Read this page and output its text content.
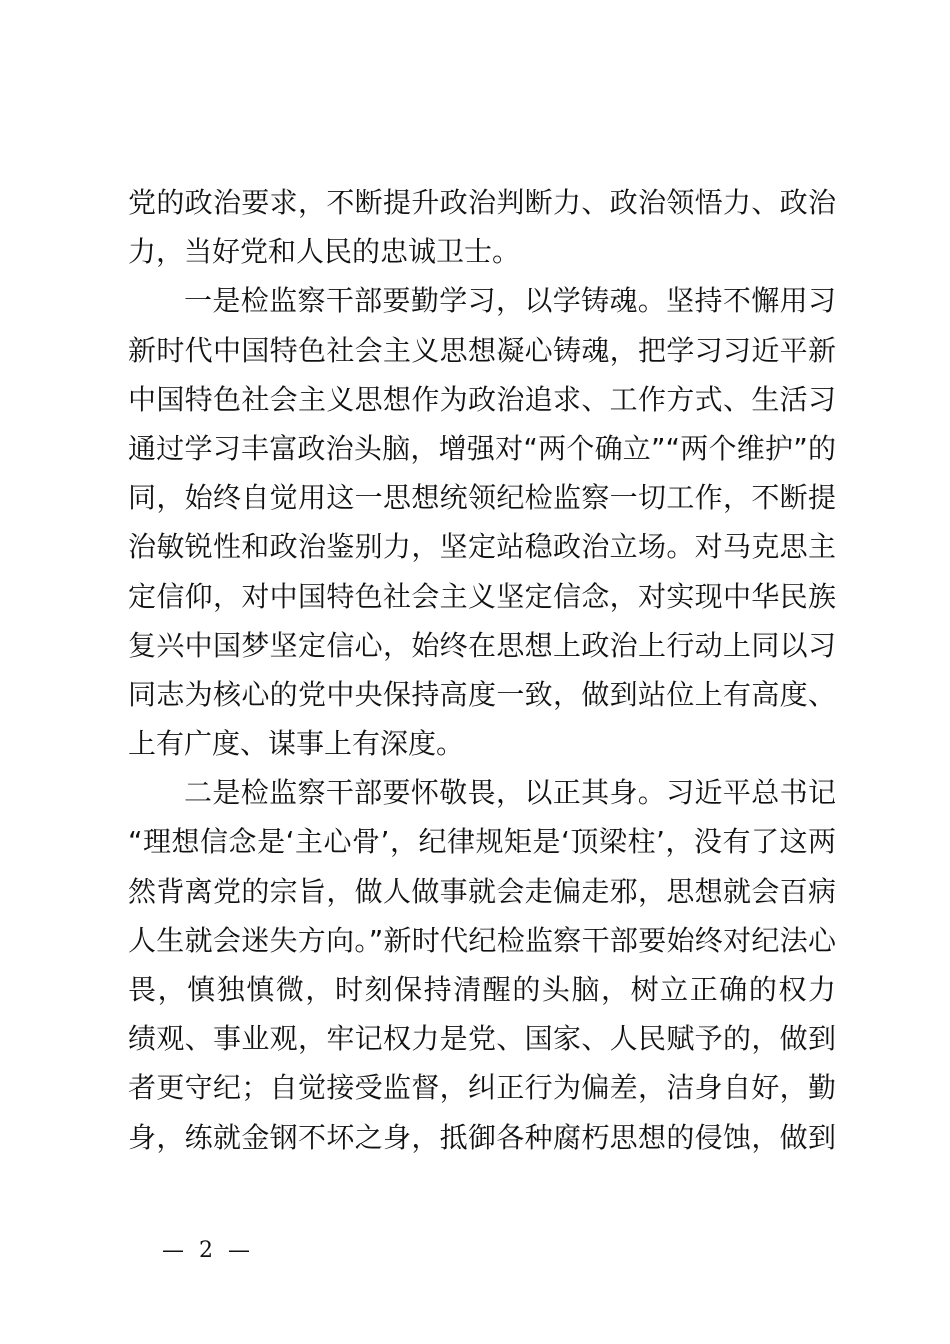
党的政治要求，不断提升政治判断力、政治领悟力、政治
力，当好党和人民的忠诚卫士。
一是检监察干部要勤学习，以学铸魂。坚持不懈用习
新时代中国特色社会主义思想凝心铸魂，把学习习近平新
中国特色社会主义思想作为政治追求、工作方式、生活习
通过学习丰富政治头脑，增强对“两个确立”“两个维护”的
同，始终自觉用这一思想统领纪检监察一切工作，不断提
治敏锐性和政治鉴别力，坚定站稳政治立场。对马克思主
定信仰，对中国特色社会主义坚定信念，对实现中华民族
复兴中国梦坚定信心，始终在思想上政治上行动上同以习
同志为核心的党中央保持高度一致，做到站位上有高度、
上有广度、谋事上有深度。
二是检监察干部要怀敬畏，以正其身。习近平总书记
“理想信念是‘主心骨’，纪律规矩是‘顶梁柱’，没有了这两
然背离党的宗旨，做人做事就会走偏走邪，思想就会百病
人生就会迷失方向。”新时代纪检监察干部要始终对纪法心
畏，慎独慎微，时刻保持清醒的头脑，树立正确的权力
绩观、事业观，牢记权力是党、国家、人民赋予的，做到
者更守纪；自觉接受监督，纠正行为偏差，洁身自好，勤
身，练就金钢不坏之身，抵御各种腐朽思想的侵蚀，做到
— 2 —
